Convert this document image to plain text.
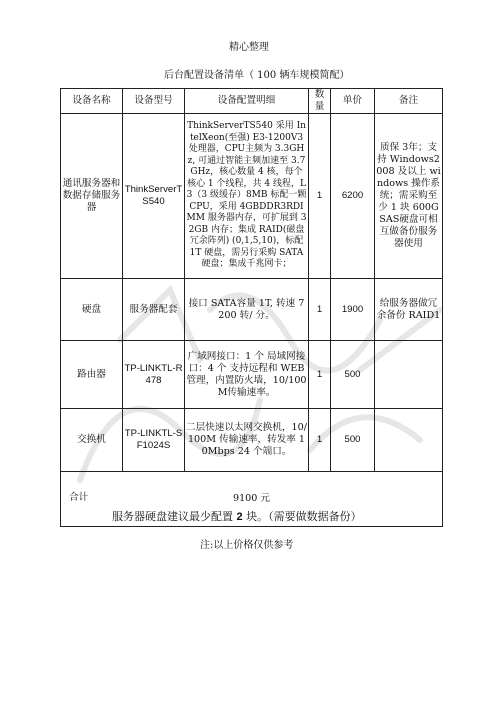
精心整理
后台配置设备清单（ 100 辆车规模简配）
设备名称	设备型号	设备配置明细	数量	单价	备注
通讯服务器和数据存储服务器	ThinkServerTS540	ThinkServerTS540 采用 IntelXeon(至强) E3-1200V3 处理器，CPU主频为 3.3GHz, 可通过智能主频加速至 3.7GHz，核心数量 4 核，每个核心 1 个线程，共 4 线程，L3（3 级缓存）8MB 标配一颗 CPU，采用 4GBDDR3RDIMM 服务器内存，可扩展到 32GB 内存；集成 RAID(磁盘冗余阵列) (0,1,5,10)，标配 1T 硬盘，需另行采购 SATA硬盘；集成千兆网卡；	1	6200	质保 3年；支持 Windows2008 及以上 windows 操作系统；需采购至少 1 块 600GSAS硬盘可相互做备份服务器使用
硬盘	服务器配套	接口 SATA容量 1T, 转速 7200 转/ 分。	1	1900	给服务器做冗余备份 RAID1
路由器	TP-LINKTL-R478	广域网接口：1 个 局域网接口：4 个 支持远程和 WEB管理，内置防火墙，10/100M传输速率。	1	500	
交换机	TP-LINKTL-SF1024S	二层快速以太网交换机，10/100M 传输速率，转发率 10Mbps 24 个端口。	1	500	

合计 9100 元					
服务器硬盘建议最少配置 2 块。（需要做数据备份）
注:以上价格仅供参考
